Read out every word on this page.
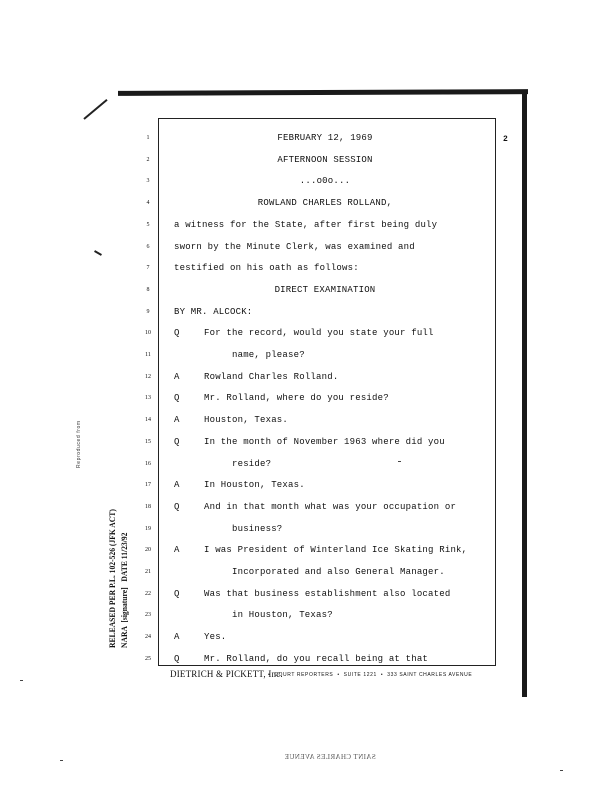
2
1	FEBRUARY 12, 1969
2	AFTERNOON SESSION
3	...o0o...
4	ROWLAND CHARLES ROLLAND,
5	a witness for the State, after first being duly
6	sworn by the Minute Clerk, was examined and
7	testified on his oath as follows:
8	DIRECT EXAMINATION
9	BY MR. ALCOCK:
10	Q	For the record, would you state your full
11	name, please?
12	A	Rowland Charles Rolland.
13	Q	Mr. Rolland, where do you reside?
14	A	Houston, Texas.
15	Q	In the month of November 1963 where did you
16	reside?
17	A	In Houston, Texas.
18	Q	And in that month what was your occupation or
19	business?
20	A	I was President of Winterland Ice Skating Rink,
21	Incorporated and also General Manager.
22	Q	Was that business establishment also located
23	in Houston, Texas?
24	A	Yes.
25	Q	Mr. Rolland, do you recall being at that
DIETRICH & PICKETT, Inc.
•  COURT REPORTERS  •  SUITE 1221  •  333 SAINT CHARLES AVENUE
RELEASED PER P.L. 102-526 (JFK ACT) NARA  [signature]   DATE 11/23/92
Reproduced from
SAINT CHARLES AVENUE
